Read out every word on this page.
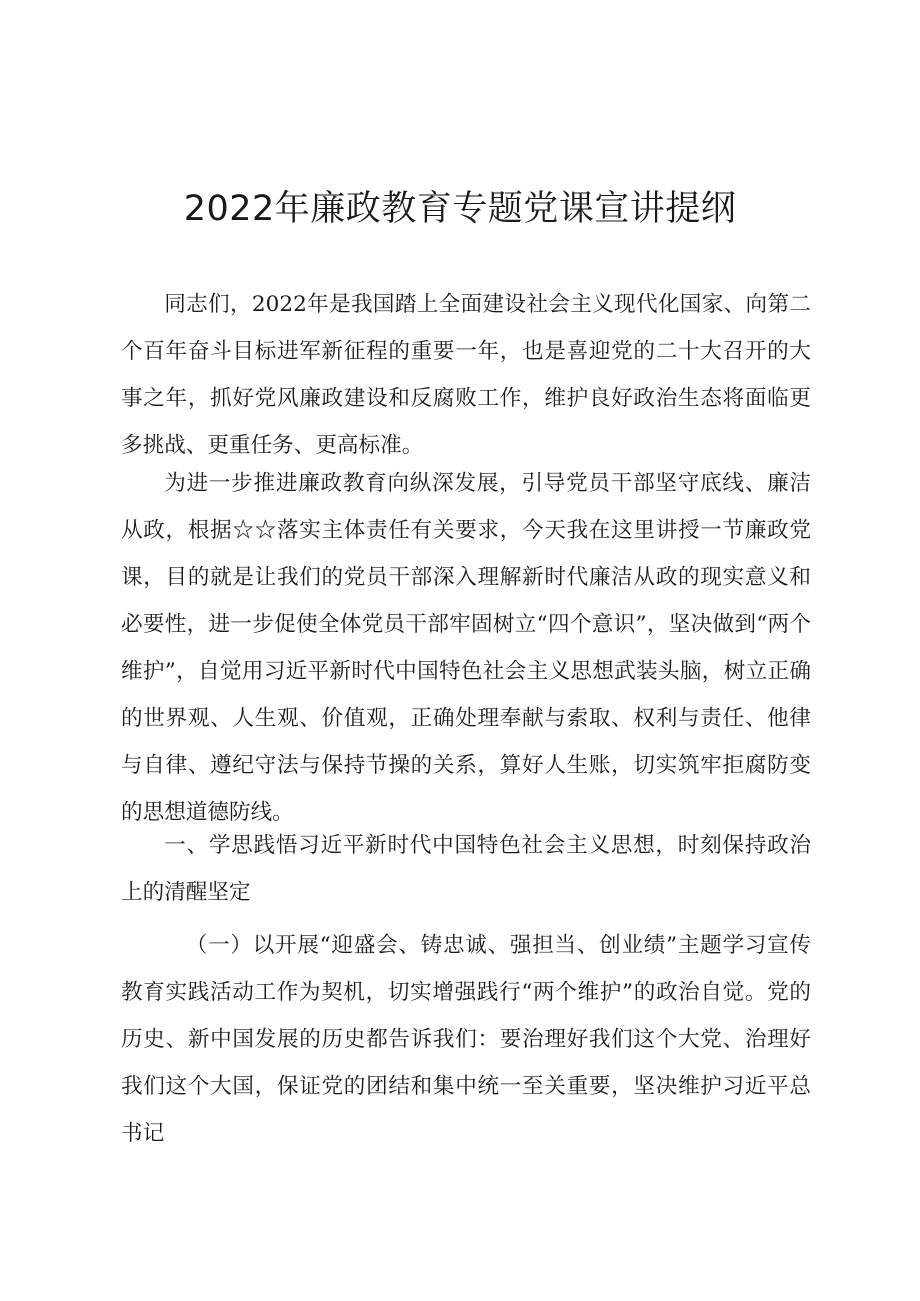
2022年廉政教育专题党课宣讲提纲

同志们，2022年是我国踏上全面建设社会主义现代化国家、向第二个百年奋斗目标进军新征程的重要一年，也是喜迎党的二十大召开的大事之年，抓好党风廉政建设和反腐败工作，维护良好政治生态将面临更多挑战、更重任务、更高标准。

为进一步推进廉政教育向纵深发展，引导党员干部坚守底线、廉洁从政，根据☆☆落实主体责任有关要求，今天我在这里讲授一节廉政党课，目的就是让我们的党员干部深入理解新时代廉洁从政的现实意义和必要性，进一步促使全体党员干部牢固树立“四个意识”，坚决做到“两个维护”，自觉用习近平新时代中国特色社会主义思想武装头脑，树立正确的世界观、人生观、价值观，正确处理奉献与索取、权利与责任、他律与自律、遵纪守法与保持节操的关系，算好人生账，切实筑牢拒腐防变的思想道德防线。

一、学思践悟习近平新时代中国特色社会主义思想，时刻保持政治上的清醒坚定

（一）以开展“迎盛会、铸忠诚、强担当、创业绩”主题学习宣传教育实践活动工作为契机，切实增强践行“两个维护”的政治自觉。党的历史、新中国发展的历史都告诉我们：要治理好我们这个大党、治理好我们这个大国，保证党的团结和集中统一至关重要，坚决维护习近平总书记
